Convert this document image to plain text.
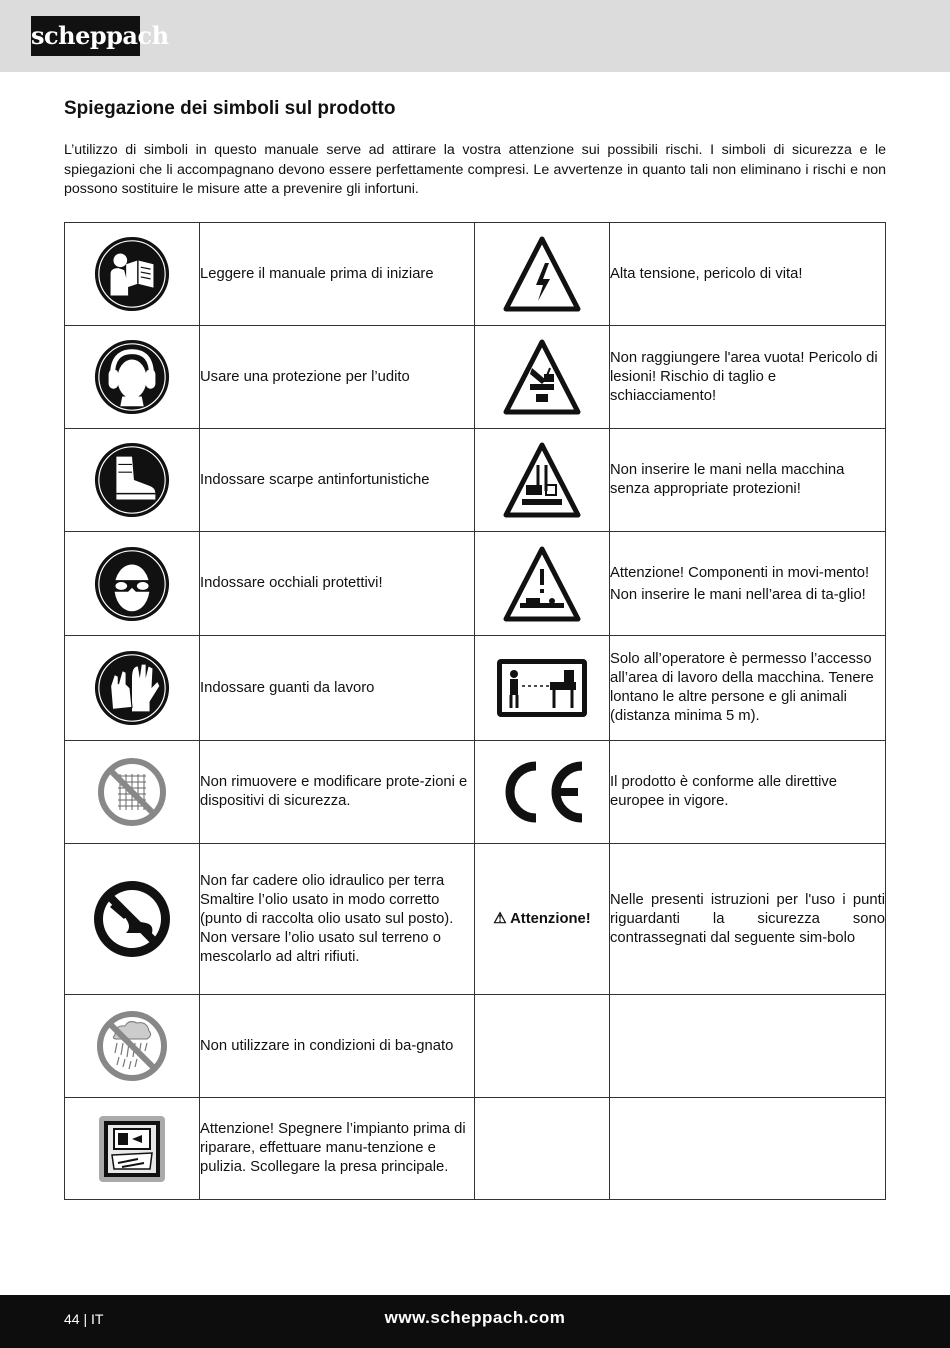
scheppach
Spiegazione dei simboli sul prodotto

L’utilizzo di simboli in questo manuale serve ad attirare la vostra attenzione sui possibili rischi. I simboli di sicurezza e le spiegazioni che li accompagnano devono essere perfettamente compresi. Le avvertenze in quanto tali non eliminano i rischi e non possono sostituire le misure atte a prevenire gli infortuni.

	Leggere il manuale prima di iniziare		Alta tensione, pericolo di vita!

	Usare una protezione per l’udito		Non raggiungere l'area vuota! Pericolo di lesioni! Rischio di taglio e schiacciamento!

	Indossare scarpe antinfortunistiche		Non inserire le mani nella macchina senza appropriate protezioni!

	Indossare occhiali protettivi!		Attenzione! Componenti in movi-mento!
Non inserire le mani nell’area di ta-glio!

	Indossare guanti da lavoro		Solo all’operatore è permesso l’accesso all’area di lavoro della macchina. Tenere lontano le altre persone e gli animali (distanza minima 5 m).

	Non rimuovere e modificare prote-zioni e dispositivi di sicurezza.		Il prodotto è conforme alle direttive europee in vigore.

	Non far cadere olio idraulico per terra
Smaltire l’olio usato in modo corretto (punto di raccolta olio usato sul posto). Non versare l’olio usato sul terreno o mescolarlo ad altri rifiuti.	⚠ Attenzione!	Nelle presenti istruzioni per l'uso i punti riguardanti la sicurezza sono contrassegnati dal seguente sim-bolo

	Non utilizzare in condizioni di ba-gnato		

	Attenzione! Spegnere l’impianto prima di riparare, effettuare manu-tenzione e pulizia. Scollegare la presa principale.		
44 | IT	www.scheppach.com
